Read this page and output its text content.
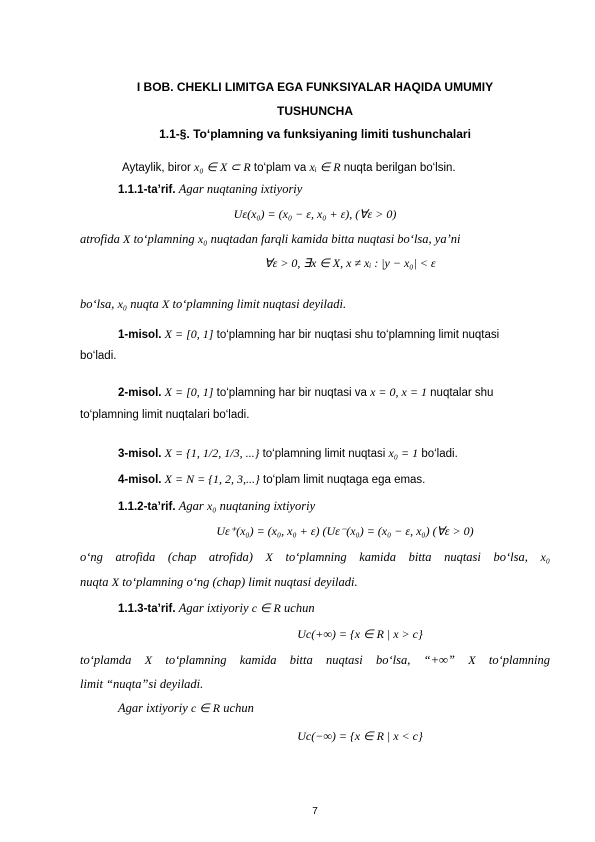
I BOB. CHEKLI LIMITGA EGA FUNKSIYALAR HAQIDA UMUMIY
TUSHUNCHA
1.1-§. To‘plamning va funksiyaning limiti tushunchalari
Aytaylik, biror x₀ ∈ X ⊂ R to‘plam va xᵢ ∈ R nuqta berilgan bo‘lsin.
1.1.1-ta’rif. Agar nuqtaning ixtiyoriy
Uε(x₀) = (x₀ − ε, x₀ + ε), (∀ε > 0)
atrofida X to‘plamning x₀ nuqtadan farqli kamida bitta nuqtasi bo‘lsa, ya’ni
∀ε > 0, ∃x ∈ X, x ≠ xᵢ : |y − x₀| < ε
bo‘lsa, x₀ nuqta X to‘plamning limit nuqtasi deyiladi.
1-misol. X = [0, 1] to‘plamning har bir nuqtasi shu to‘plamning limit nuqtasi
bo‘ladi.
2-misol. X = [0, 1] to‘plamning har bir nuqtasi va x = 0, x = 1 nuqtalar shu
to‘plamning limit nuqtalari bo‘ladi.
3-misol. X = {1, 1/2, 1/3, ...} to‘plamning limit nuqtasi x₀ = 1 bo‘ladi.
4-misol. X = N = {1, 2, 3,...} to‘plam limit nuqtaga ega emas.
1.1.2-ta’rif. Agar x₀ nuqtaning ixtiyoriy
Uε⁺(x₀) = (x₀, x₀ + ε) (Uε⁻(x₀) = (x₀ − ε, x₀) (∀ε > 0)
o‘ng atrofida (chap atrofida) X to‘plamning kamida bitta nuqtasi bo‘lsa, x₀
nuqta X to‘plamning o‘ng (chap) limit nuqtasi deyiladi.
1.1.3-ta’rif. Agar ixtiyoriy c ∈ R uchun
Uc(+∞) = {x ∈ R | x > c}
to‘plamda X to‘plamning kamida bitta nuqtasi bo‘lsa, “+∞” X to‘plamning
limit “nuqta”si deyiladi.
Agar ixtiyoriy c ∈ R uchun
Uc(−∞) = {x ∈ R | x < c}
7
